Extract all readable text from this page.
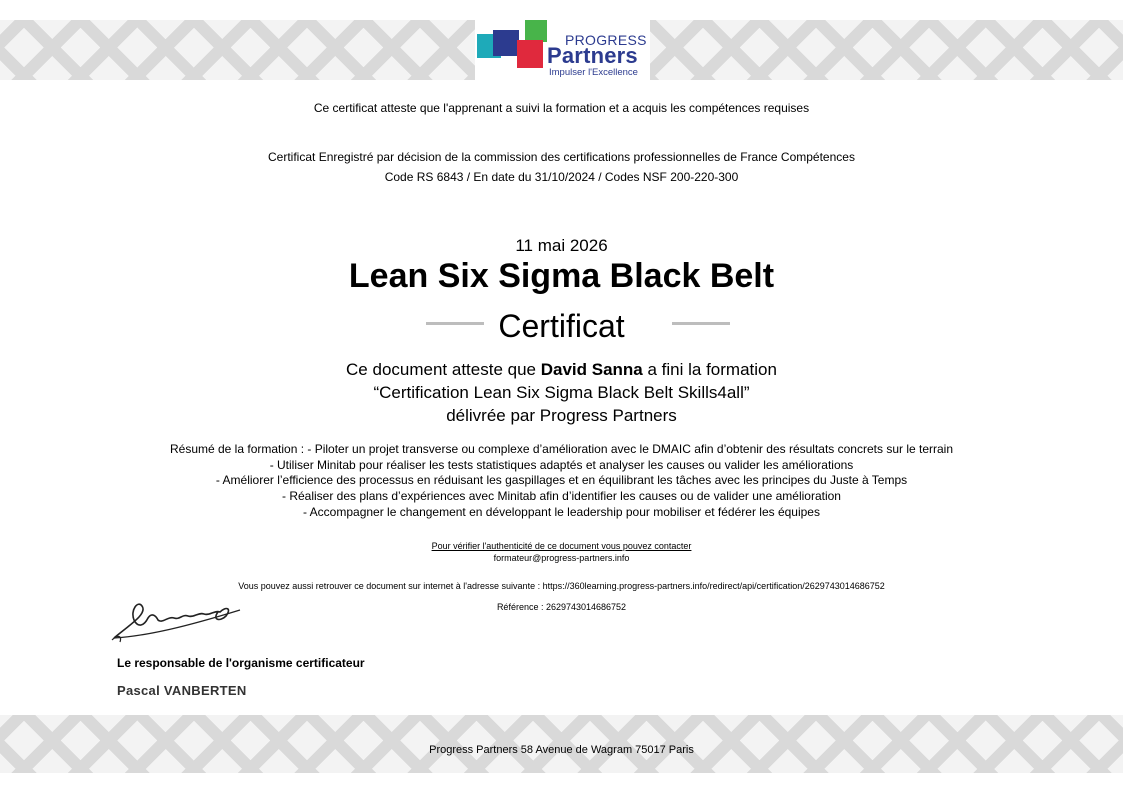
PROGRESS
Partners
Impulser l'Excellence
Ce certificat atteste que l'apprenant a suivi la formation et a acquis les compétences requises
Certificat Enregistré par décision de la commission des certifications professionnelles de France Compétences
Code RS 6843 / En date du 31/10/2024 / Codes NSF 200-220-300
11 mai 2026
Lean Six Sigma Black Belt
Certificat
Ce document atteste que David Sanna a fini la formation
“Certification Lean Six Sigma Black Belt Skills4all”
délivrée par Progress Partners
Résumé de la formation : - Piloter un projet transverse ou complexe d’amélioration avec le DMAIC afin d’obtenir des résultats concrets sur le terrain
- Utiliser Minitab pour réaliser les tests statistiques adaptés et analyser les causes ou valider les améliorations
- Améliorer l’efficience des processus en réduisant les gaspillages et en équilibrant les tâches avec les principes du Juste à Temps
- Réaliser des plans d’expériences avec Minitab afin d’identifier les causes ou de valider une amélioration
- Accompagner le changement en développant le leadership pour mobiliser et fédérer les équipes
Pour vérifier l'authenticité de ce document vous pouvez contacter
formateur@progress-partners.info
Vous pouvez aussi retrouver ce document sur internet à l'adresse suivante : https://360learning.progress-partners.info/redirect/api/certification/2629743014686752
Référence : 2629743014686752
Le responsable de l'organisme certificateur
Pascal VANBERTEN
Progress Partners 58 Avenue de Wagram 75017 Paris
